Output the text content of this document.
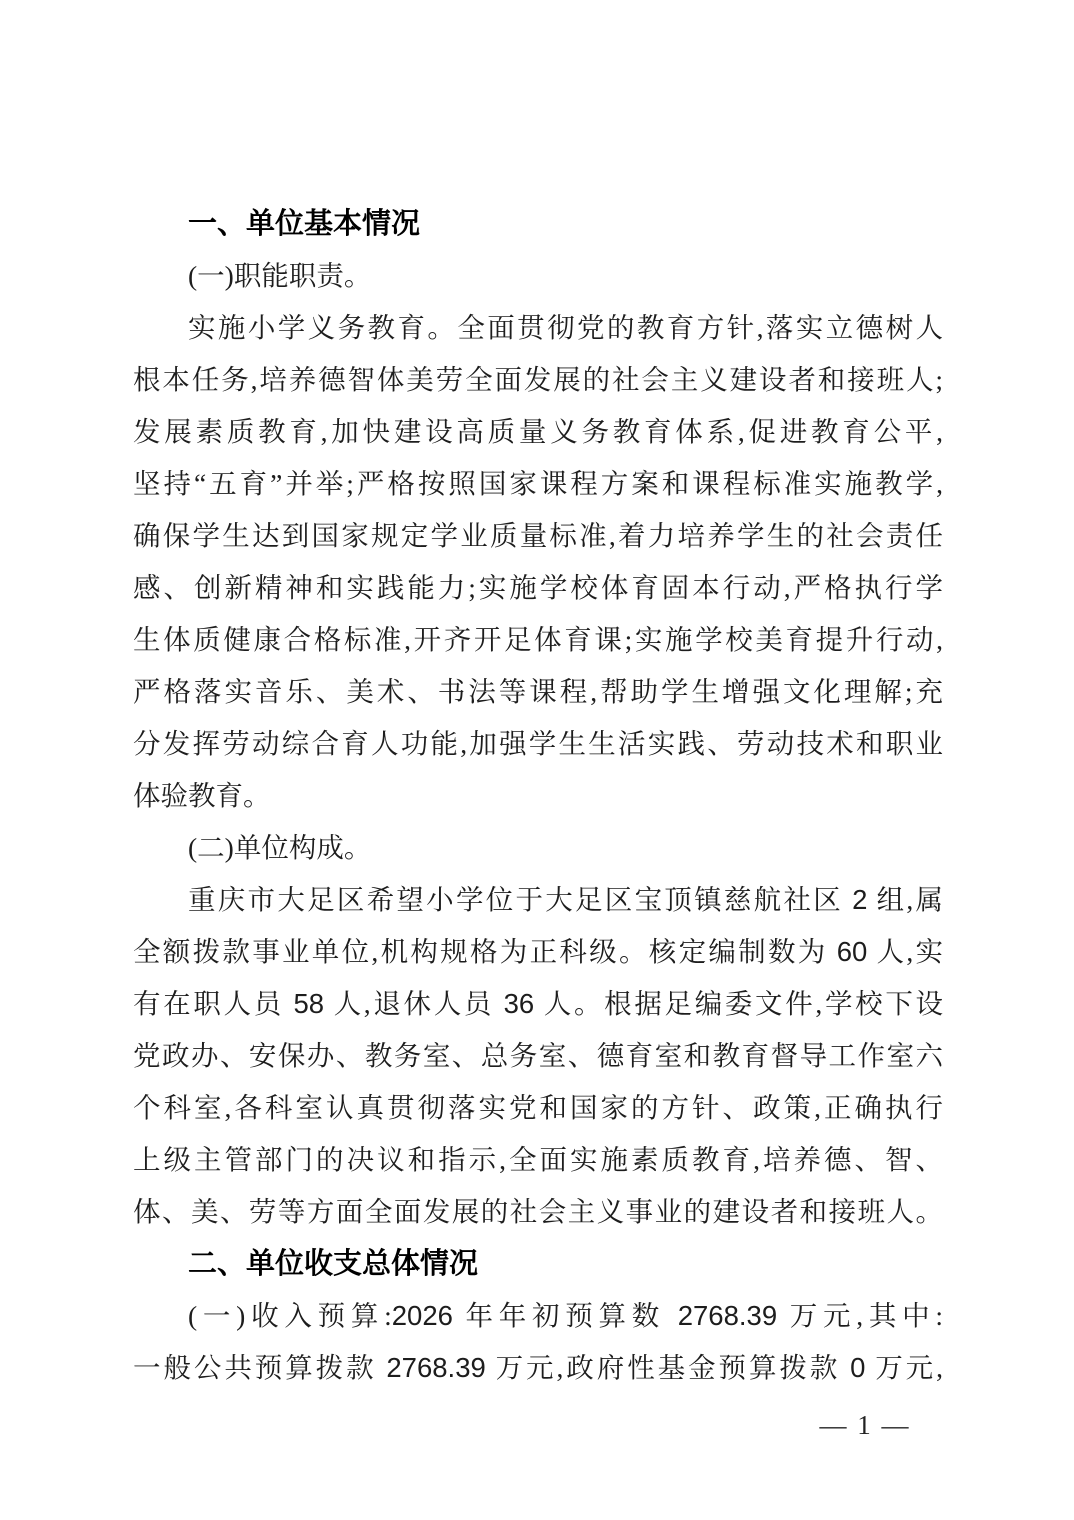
一、单位基本情况
(一)职能职责。
实施小学义务教育。全面贯彻党的教育方针,落实立德树人
根本任务,培养德智体美劳全面发展的社会主义建设者和接班人;
发展素质教育,加快建设高质量义务教育体系,促进教育公平,
坚持“五育”并举;严格按照国家课程方案和课程标准实施教学,
确保学生达到国家规定学业质量标准,着力培养学生的社会责任
感、创新精神和实践能力;实施学校体育固本行动,严格执行学
生体质健康合格标准,开齐开足体育课;实施学校美育提升行动,
严格落实音乐、美术、书法等课程,帮助学生增强文化理解;充
分发挥劳动综合育人功能,加强学生生活实践、劳动技术和职业
体验教育。
(二)单位构成。
重庆市大足区希望小学位于大足区宝顶镇慈航社区 2 组,属
全额拨款事业单位,机构规格为正科级。核定编制数为 60 人,实
有在职人员 58 人,退休人员 36 人。根据足编委文件,学校下设
党政办、安保办、教务室、总务室、德育室和教育督导工作室六
个科室,各科室认真贯彻落实党和国家的方针、政策,正确执行
上级主管部门的决议和指示,全面实施素质教育,培养德、智、
体、美、劳等方面全面发展的社会主义事业的建设者和接班人。
二、单位收支总体情况
(一)收入预算:2026 年年初预算数 2768.39 万元,其中:
一般公共预算拨款 2768.39 万元,政府性基金预算拨款 0 万元,
— 1 —
